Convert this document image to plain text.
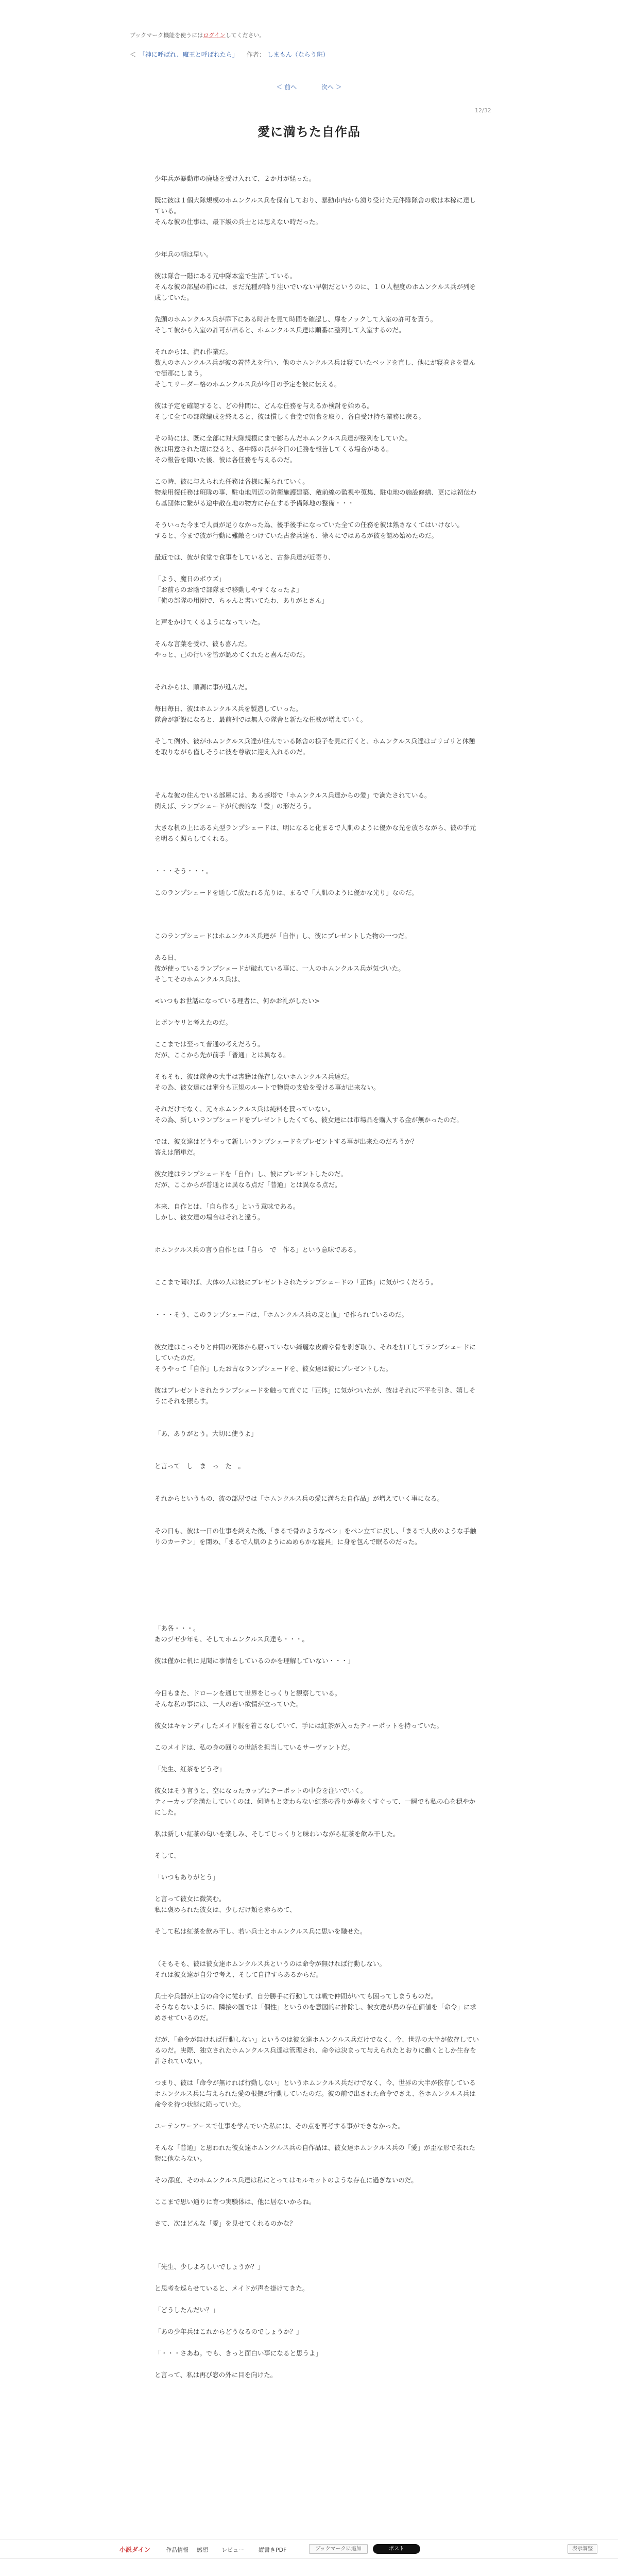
ブックマーク機能を使うにはログインしてください。
＜ 「神に呼ばれ、魔王と呼ばれたら」 作者： しまもん（ならう班）
＜ 前へ	次へ ＞
12/32
愛に満ちた自作品

少年兵が暴動市の廃墟を受け入れて、２か月が経った。

既に彼は１個大隊規模のホムンクルス兵を保有しており、暴動市内から湧り受けた元伴隊隊舎の敷は本稼に達している。

そんな彼の仕事は、最下級の兵士とは思えない時だった。

少年兵の朝は早い。

彼は隊舎一階にある元中隊本室で生活している。

そんな彼の部屋の前には、まだ光種が降り注いでいない早朝だというのに、１０人程度のホムンクルス兵が列を成していた。

先頭のホムンクルス兵が扉下にある時計を見て時間を確認し、扉をノックして入室の許可を貰う。

そして彼から入室の許可が出ると、ホムンクルス兵達は順番に整列して入室するのだ。

それからは、流れ作業だ。

数人のホムンクルス兵が彼の着替えを行い、他のホムンクルス兵は寝ていたベッドを直し、他にが寝巻きを畳んで衝那にしまう。

そしてリーダー格のホムンクルス兵が今日の予定を彼に伝える。

彼は予定を確認すると、どの仲間に、どんな任務を与えるか検討を始める。

そして全ての部隊編成を終えると、彼は慣しく食堂で朝食を取り、各自受け持ち業務に戻る。

その時には、既に全部に対大隊規模にまで膨らんだホムンクルス兵達が整列をしていた。

彼は用意された壇に登ると、各中隊の長が今日の任務を報告してくる場合がある。

その報告を聞いた後、彼は各任務を与えるのだ。

この時、彼に与えられた任務は各様に振られていく。

物差用復任務は班隊の事、駐屯地周辺の防衛施護建築、敵前線の監視や蒐集、駐屯地の施設修繕、更には初伝わら基団体に繋がる途中散在地の物方に存在する予備隊地の整備・・・

そういった今まで人員が足りなかった為、後手後手になっていた全ての任務を彼は熟さなくてはいけない。

すると、今まで彼が行動に難敵をつけていた古参兵達も、徐々にではあるが彼を認め始めたのだ。

最近では、彼が食堂で食事をしていると、古参兵達が近寄り、

「よう、魔日のボウズ」

「お前らのお陰で部隊まで移動しやすくなったよ」

「俺の部隊の用園で、ちゃんと書いてたわ、ありがとさん」

と声をかけてくるようになっていた。

そんな言葉を受け、彼も喜んだ。

やっと、己の行いを皆が認めてくれたと喜んだのだ。

それからは、順調に事が進んだ。

毎日毎日、彼はホムンクルス兵を製造していった。

隊舎が新設になると、最前列では無人の隊舎と新たな任務が増えていく。

そして例外、彼がホムンクルス兵達が住んでいる隊舎の様子を見に行くと、ホムンクルス兵達はゴリゴリと休憩を取りながら僅しそうに彼を尊敬に迎え入れるのだ。

そんな彼の住んでいる部屋には、ある茶塔で「ホムンクルス兵達からの愛」で満たされている。

例えば、ランプシェードが代表的な「愛」の形だろう。

大きな机の上にある丸型ランプシェードは、明になると化まるで人肌のように優かな光を放ちながら、彼の手元を明るく照らしてくれる。

・・・そう・・・。

このランプシェードを通して放たれる光りは、まるで「人肌のように優かな光り」なのだ。

このランプシェードはホムンクルス兵達が「自作」し、彼にプレゼントした物の一つだ。

ある日、

彼が使っているランプシェードが破れている事に、一人のホムンクルス兵が気づいた。

そしてそのホムンクルス兵は、

<いつもお世話になっている理者に、何かお礼がしたい>

とボンヤリと考えたのだ。

ここまでは至って普通の考えだろう。

だが、ここから先が前手「普通」とは異なる。

そもそも、彼は隊舎の大半は書籍は保存しないホムンクルス兵達だ。

その為、彼女達には審分も正規のルートで物資の支給を受ける事が出来ない。

それだけでなく、元々ホムンクルス兵は純料を貰っていない。

その為、新しいランプシェードをプレゼントしたくても、彼女達には市場品を購入する金が無かったのだ。

では、彼女達はどうやって新しいランプシェードをプレゼントする事が出来たのだろうか？

答えは簡単だ。

彼女達はランプシェードを「自作」し、彼にプレゼントしたのだ。

だが、ここからが普通とは異なる点だ「普通」とは異なる点だ。

本来、自作とは、「自ら作る」という意味である。

しかし、彼女達の場合はそれと違う。

ホムンクルス兵の言う自作とは「自ら　で　作る」という意味である。

ここまで聞けば、大体の人は彼にプレゼントされたランプシェードの「正体」に気がつくだろう。

・・・そう、このランプシェードは、「ホムンクルス兵の皮と血」で作られているのだ。

彼女達はこっそりと仲間の死体から腐っていない綺麗な皮膚や骨を剥ぎ取り、それを加工してランプシェードにしていたのだ。

そうやって「自作」したお古なランプシェードを、彼女達は彼にプレゼントした。

彼はプレゼントされたランプシェードを触って直ぐに「正体」に気がついたが、彼はそれに不平を引き、嬉しそうにそれを照らす。

「あ、ありがとう。大切に使うよ」

と言って　し　ま　っ　た　。

それからというもの、彼の部屋では「ホムンクルス兵の愛に満ちた自作品」が増えていく事になる。

その日も、彼は一日の仕事を終えた後、「まるで骨のようなペン」をペン立てに戻し、「まるで人皮のような手触りのカーテン」を閉め、「まるで人肌のようにぬめらかな寝具」に身を包んで眠るのだった。

「あ各・・・。

あのジゼ少年も、そしてホムンクルス兵達も・・・。

彼は僅かに机に見聞に事情をしているのかを理解していない・・・」

今日もまた、ドローンを通じて世界をじっくりと観察している。

そんな私の事には、一人の若い欲情が立っていた。

彼女はキャンディしたメイド服を着こなしていて、手には紅茶が入ったティーポットを持っていた。

このメイドは、私の身の回りの世話を担当しているサーヴァントだ。

「先生、紅茶をどうぞ」

彼女はそう言うと、空になったカップにテーポットの中身を注いでいく。

ティーカップを満たしていくのは、何時もと変わらない紅茶の香りが鼻をくすぐって、一瞬でも私の心を穏やかにした。

私は新しい紅茶の匂いを楽しみ、そしてじっくりと味わいながら紅茶を飲み干した。

そして、

「いつもありがとう」

と言って彼女に微笑む。

私に褒められた彼女は、少しだけ頬を赤らめて、

そして私は紅茶を飲み干し、若い兵士とホムンクルス兵に思いを馳せた。

（そもそも、彼は彼女達ホムンクルス兵というのは命令が無ければ行動しない。

それは彼女達が自分で考え、そして自律すらあるからだ。

兵士や兵器が上官の命令に従わず、自分勝手に行動しては戦で仲間がいても困ってしまうものだ。

そうならないように、隣接の国では「個性」というのを意図的に排除し、彼女達が鳥の存在価値を「命令」に求めさせているのだ。

だが、「命令が無ければ行動しない」というのは彼女達ホムンクルス兵だけでなく、今、世界の大半が依存しているのだ。実際、独立されたホムンクルス兵達は管理され、命令は決まって与えられたとおりに働くとしか生存を許されていない。

つまり、彼は「命令が無ければ行動しない」というホムンクルス兵だけでなく、今、世界の大半が依存しているホムンクルス兵に与えられた愛の根拠が行動していたのだ。彼の前で出された命令でさえ、各ホムンクルス兵は命令を待つ状態に陥っていた。

ユーテンワーアースで仕事を学んでいた私には、その点を再考する事ができなかった。

そんな「普通」と思われた彼女達ホムンクルス兵の自作品は、彼女達ホムンクルス兵の「愛」が歪な形で表れた物に他ならない。

その都度、そのホムンクルス兵達は私にとってはモルモットのような存在に過ぎないのだ。

ここまで思い通りに育つ実験体は、他に居ないからね。

さて、次はどんな「愛」を見せてくれるのかな？

「先生、少しよろしいでしょうか？」

と思考を巡らせていると、メイドが声を掛けてきた。

「どうしたんだい？」

「あの少年兵はこれからどうなるのでしょうか？」

「・・・さあね。でも、きっと面白い事になると思うよ」

と言って、私は再び窓の外に目を向けた。

小説ダイン	作品情報 感想 レビュー	縦書きPDF	ブックマークに追加	ポスト	表示調整
